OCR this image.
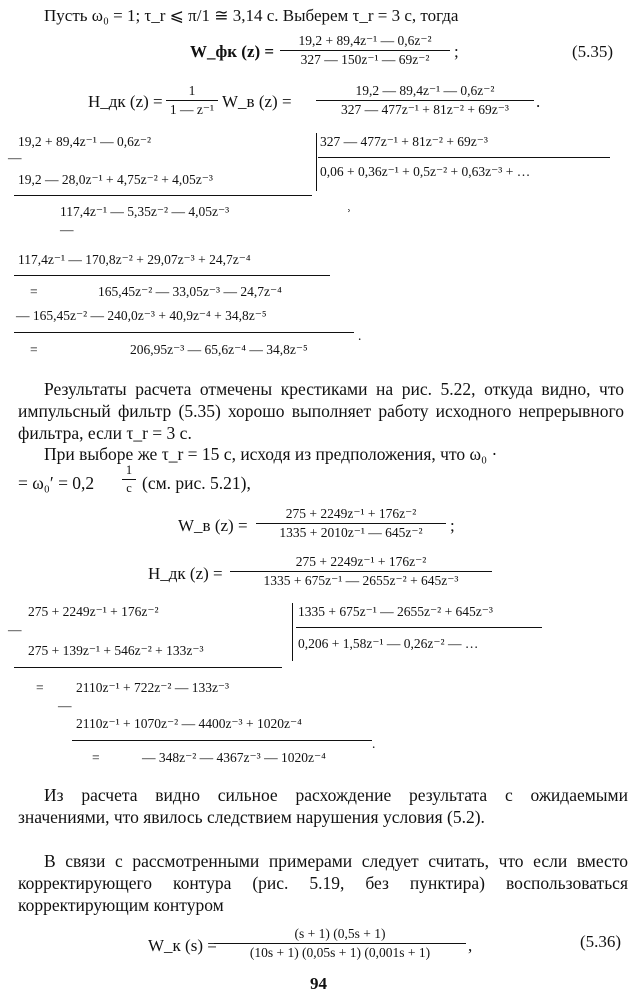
Пусть ω₀ = 1; τ_r ⩽ π/1 ≅ 3,14 с. Выберем τ_r = 3 с, тогда
W_фк (z) =
19,2 + 89,4z⁻¹ — 0,6z⁻²
327 — 150z⁻¹ — 69z⁻²	;	(5.35)
H_дк (z) =
1
1 — z⁻¹ W_в (z) =
19,2 — 89,4z⁻¹ — 0,6z⁻²
327 — 477z⁻¹ + 81z⁻² + 69z⁻³	.
19,2 + 89,4z⁻¹ — 0,6z⁻²
—
327 — 477z⁻¹ + 81z⁻² + 69z⁻³
0,06 + 0,36z⁻¹ + 0,5z⁻² + 0,63z⁻³ + …
19,2 — 28,0z⁻¹ + 4,75z⁻² + 4,05z⁻³
117,4z⁻¹ — 5,35z⁻² — 4,05z⁻³	˒
—
117,4z⁻¹ — 170,8z⁻² + 29,07z⁻³ + 24,7z⁻⁴
=	165,45z⁻² — 33,05z⁻³ — 24,7z⁻⁴
— 165,45z⁻² — 240,0z⁻³ + 40,9z⁻⁴ + 34,8z⁻⁵
=	206,95z⁻³ — 65,6z⁻⁴ — 34,8z⁻⁵
.
Результаты расчета отмечены крестиками на рис. 5.22, откуда видно, что импульсный фильтр (5.35) хорошо выполняет работу исходного непрерывного фильтра, если τ_r = 3 с.
При выборе же τ_r = 15 с, исходя из предположения, что ω₀ ·
= ω₀′ = 0,2
1
с (см. рис. 5.21),
W_в (z) =
275 + 2249z⁻¹ + 176z⁻²
1335 + 2010z⁻¹ — 645z⁻²	;
H_дк (z) =
275 + 2249z⁻¹ + 176z⁻²
1335 + 675z⁻¹ — 2655z⁻² + 645z⁻³
275 + 2249z⁻¹ + 176z⁻²
—
1335 + 675z⁻¹ — 2655z⁻² + 645z⁻³
0,206 + 1,58z⁻¹ — 0,26z⁻² — …
275 + 139z⁻¹ + 546z⁻² + 133z⁻³
= 2110z⁻¹ + 722z⁻² — 133z⁻³
—
2110z⁻¹ + 1070z⁻² — 4400z⁻³ + 1020z⁻⁴
=	— 348z⁻² — 4367z⁻³ — 1020z⁻⁴
.
Из расчета видно сильное расхождение результата с ожидаемыми значениями, что явилось следствием нарушения условия (5.2).
В связи с рассмотренными примерами следует считать, что если вместо корректирующего контура (рис. 5.19, без пунктира) воспользоваться корректирующим контуром
W_к (s) =
(s + 1) (0,5s + 1)
(10s + 1) (0,05s + 1) (0,001s + 1)	,	(5.36)
94
